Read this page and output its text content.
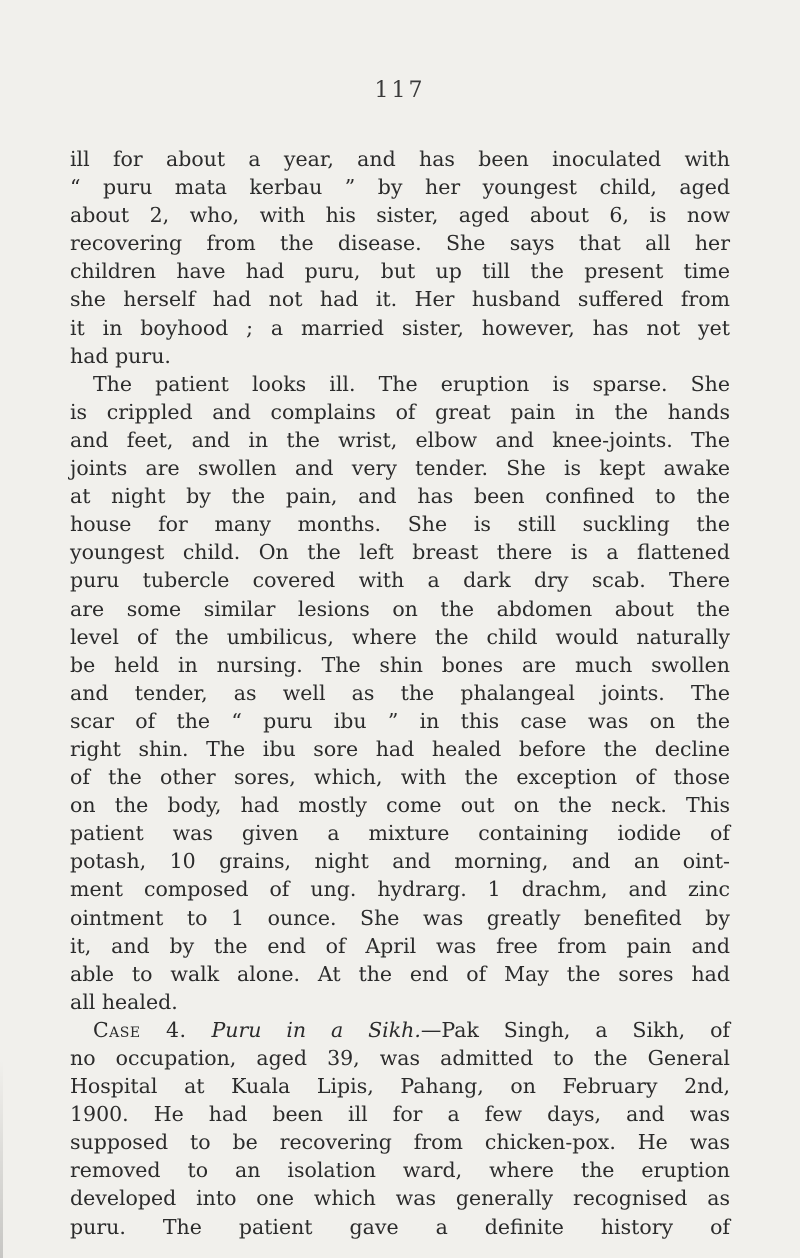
117
ill for about a year, and has been inoculated with
“ puru mata kerbau ” by her youngest child, aged
about 2, who, with his sister, aged about 6, is now
recovering from the disease. She says that all her
children have had puru, but up till the present time
she herself had not had it. Her husband suffered from
it in boyhood ; a married sister, however, has not yet
had puru.
The patient looks ill. The eruption is sparse. She
is crippled and complains of great pain in the hands
and feet, and in the wrist, elbow and knee-joints. The
joints are swollen and very tender. She is kept awake
at night by the pain, and has been confined to the
house for many months. She is still suckling the
youngest child. On the left breast there is a flattened
puru tubercle covered with a dark dry scab. There
are some similar lesions on the abdomen about the
level of the umbilicus, where the child would naturally
be held in nursing. The shin bones are much swollen
and tender, as well as the phalangeal joints. The
scar of the “ puru ibu ” in this case was on the
right shin. The ibu sore had healed before the decline
of the other sores, which, with the exception of those
on the body, had mostly come out on the neck. This
patient was given a mixture containing iodide of
potash, 10 grains, night and morning, and an oint-
ment composed of ung. hydrarg. 1 drachm, and zinc
ointment to 1 ounce. She was greatly benefited by
it, and by the end of April was free from pain and
able to walk alone. At the end of May the sores had
all healed.
Case 4. Puru in a Sikh.—Pak Singh, a Sikh, of
no occupation, aged 39, was admitted to the General
Hospital at Kuala Lipis, Pahang, on February 2nd,
1900. He had been ill for a few days, and was
supposed to be recovering from chicken-pox. He was
removed to an isolation ward, where the eruption
developed into one which was generally recognised as
puru. The patient gave a definite history of
